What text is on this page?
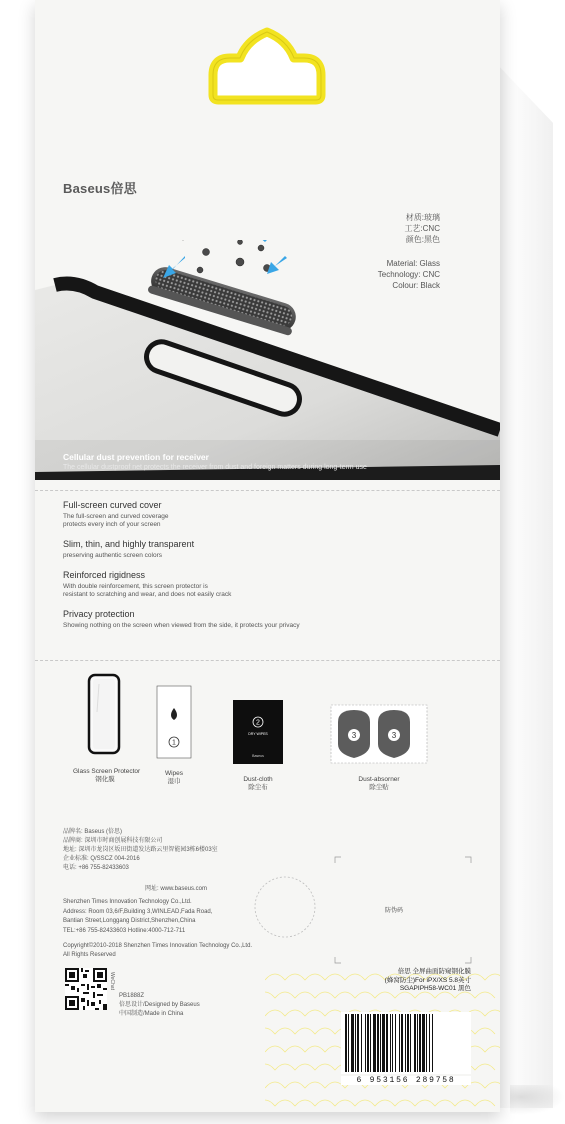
Baseus倍思
材质:玻璃
工艺:CNC
颜色:黑色
Material: Glass
Technology: CNC
Colour: Black
Cellular dust prevention for receiver
The cellular dustproof net protects the receiver from dust and foreign matters during long-term use
Full-screen curved cover
The full-screen and curved coverage
protects every inch of your screen
Slim, thin, and highly transparent
preserving authentic screen colors
Reinforced rigidness
With double reinforcement, this screen protector is
resistant to scratching and wear, and does not easily crack
Privacy protection
Showing nothing on the screen when viewed from the side, it protects your privacy
1
2
DRY WIPES
Baseus
3	3
Glass Screen Protector
钢化膜
Wipes
湿巾	Dust-cloth
除尘布
Dust-absorner
除尘贴
品牌名: Baseus (倍思)
品牌商: 深圳市时商创展科技有限公司
地址: 深圳市龙岗区坂田街道发达路云里智能园3栋6楼03室
企业标准: Q/SSCZ 004-2016
电话: +86 755-82433603
网址: www.baseus.com
Shenzhen Times Innovation Technology Co.,Ltd.
Address: Room 03,6/F,Building 3,WINLEAD,Fada Road,
Bantian Street,Longgang District,Shenzhen,China
TEL:+86 755-82433603 Hotline:4000-712-711
Copyright©2010-2018 Shenzhen Times Innovation Technology Co.,Ltd.
All Rights Reserved
防伪码
WeChat
PB1888Z
倍思设计/Designed by Baseus
中国制造/Made in China
倍思 全屏曲面防窥钢化膜
(蜂窝防尘)For iPX/XS 5.8英寸
SGAPIPH58-WC01 黑色
6 953156 289758
